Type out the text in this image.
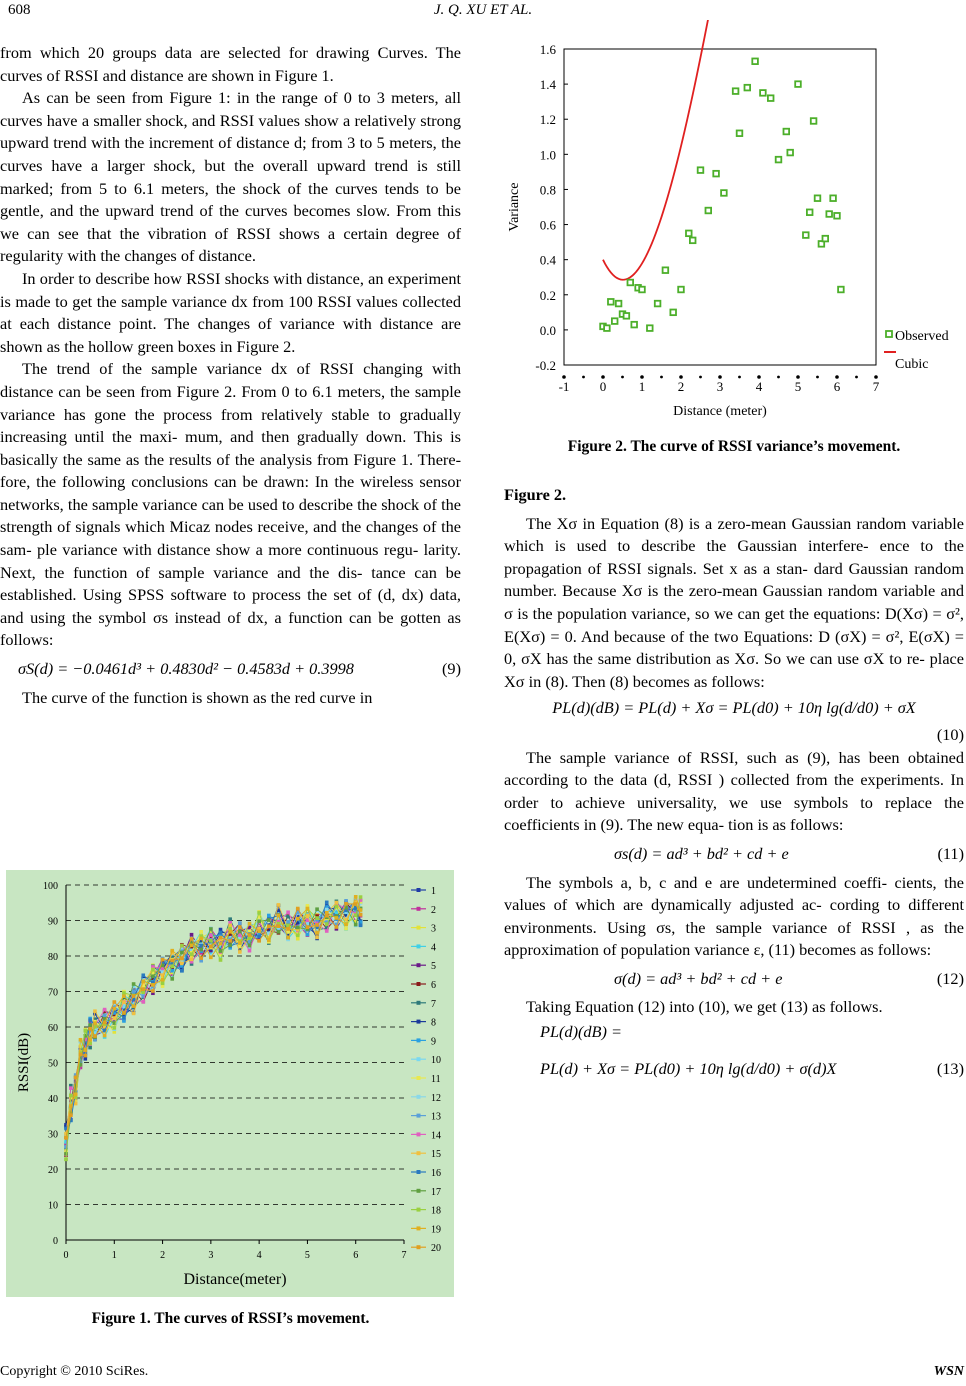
608	J. Q. XU ET AL.

from which 20 groups data are selected for drawing Curves. The curves of RSSI and distance are shown in Figure 1.

As can be seen from Figure 1: in the range of 0 to 3 meters, all curves have a smaller shock, and RSSI values show a relatively strong upward trend with the increment of distance d; from 3 to 5 meters, the curves have a larger shock, but the overall upward trend is still marked; from 5 to 6.1 meters, the shock of the curves tends to be gentle, and the upward trend of the curves becomes slow. From this we can see that the vibration of RSSI shows a certain degree of regularity with the changes of distance.

In order to describe how RSSI shocks with distance, an experiment is made to get the sample variance dx from 100 RSSI values collected at each distance point. The changes of variance with distance are shown as the hollow green boxes in Figure 2.

The trend of the sample variance dx of RSSI changing with distance can be seen from Figure 2. From 0 to 6.1 meters, the sample variance has gone the process from relatively stable to gradually increasing until the maxi- mum, and then gradually down. This is basically the same as the results of the analysis from Figure 1. There- fore, the following conclusions can be drawn: In the wireless sensor networks, the sample variance can be used to describe the shock of the strength of signals which Micaz nodes receive, and the changes of the sam- ple variance with distance show a more continuous regu- larity. Next, the function of sample variance and the dis- tance can be established. Using SPSS software to process the set of (d, dx) data, and using the symbol σs instead of dx, a function can be gotten as follows:

σS(d) = −0.0461d³ + 0.4830d² − 0.4583d + 0.3998	(9)

The curve of the function is shown as the red curve in

100
90
80
70
60
50
40
30
20
10
0
0	1	2	3	4	5	6	7
RSSI(dB)
Distance(meter)
1
2
3
4
5
6
7
8
9
10
11
12
13
14
15
16
17
18
19
20
Figure 1. The curves of RSSI’s movement.
1.6
1.4
1.2
1.0
0.8
0.6
0.4
0.2
0.0
-0.2
-1 0	1	2	3	4	5	6	7
Variance
Distance (meter)
Observed
Cubic
Figure 2. The curve of RSSI variance’s movement.

Figure 2.

The Xσ in Equation (8) is a zero-mean Gaussian random variable which is used to describe the Gaussian interfere- ence to the propagation of RSSI signals. Set x as a stan- dard Gaussian random number. Because Xσ is the zero-mean Gaussian random variable and σ is the population variance, so we can get the equations: D(Xσ) = σ², E(Xσ) = 0. And because of the two Equations: D (σX) = σ², E(σX) = 0, σX has the same distribution as Xσ. So we can use σX to re- place Xσ in (8). Then (8) becomes as follows:

PL(d)(dB) = PL(d) + Xσ = PL(d0) + 10η lg(d/d0) + σX
(10)

The sample variance of RSSI, such as (9), has been obtained according to the data (d, RSSI ) collected from the experiments. In order to achieve universality, we use symbols to replace the coefficients in (9). The new equa- tion is as follows:

σs(d) = ad³ + bd² + cd + e	(11)

The symbols a, b, c and e are undetermined coeffi- cients, the values of which are dynamically adjusted ac- cording to different environments. Using σs, the sample variance of RSSI , as the approximation of population variance ε, (11) becomes as follows:

σ(d) = ad³ + bd² + cd + e	(12)

Taking Equation (12) into (10), we get (13) as follows.

PL(d)(dB) =
PL(d) + Xσ = PL(d0) + 10η lg(d/d0) + σ(d)X	(13)
Copyright © 2010 SciRes.	WSN
